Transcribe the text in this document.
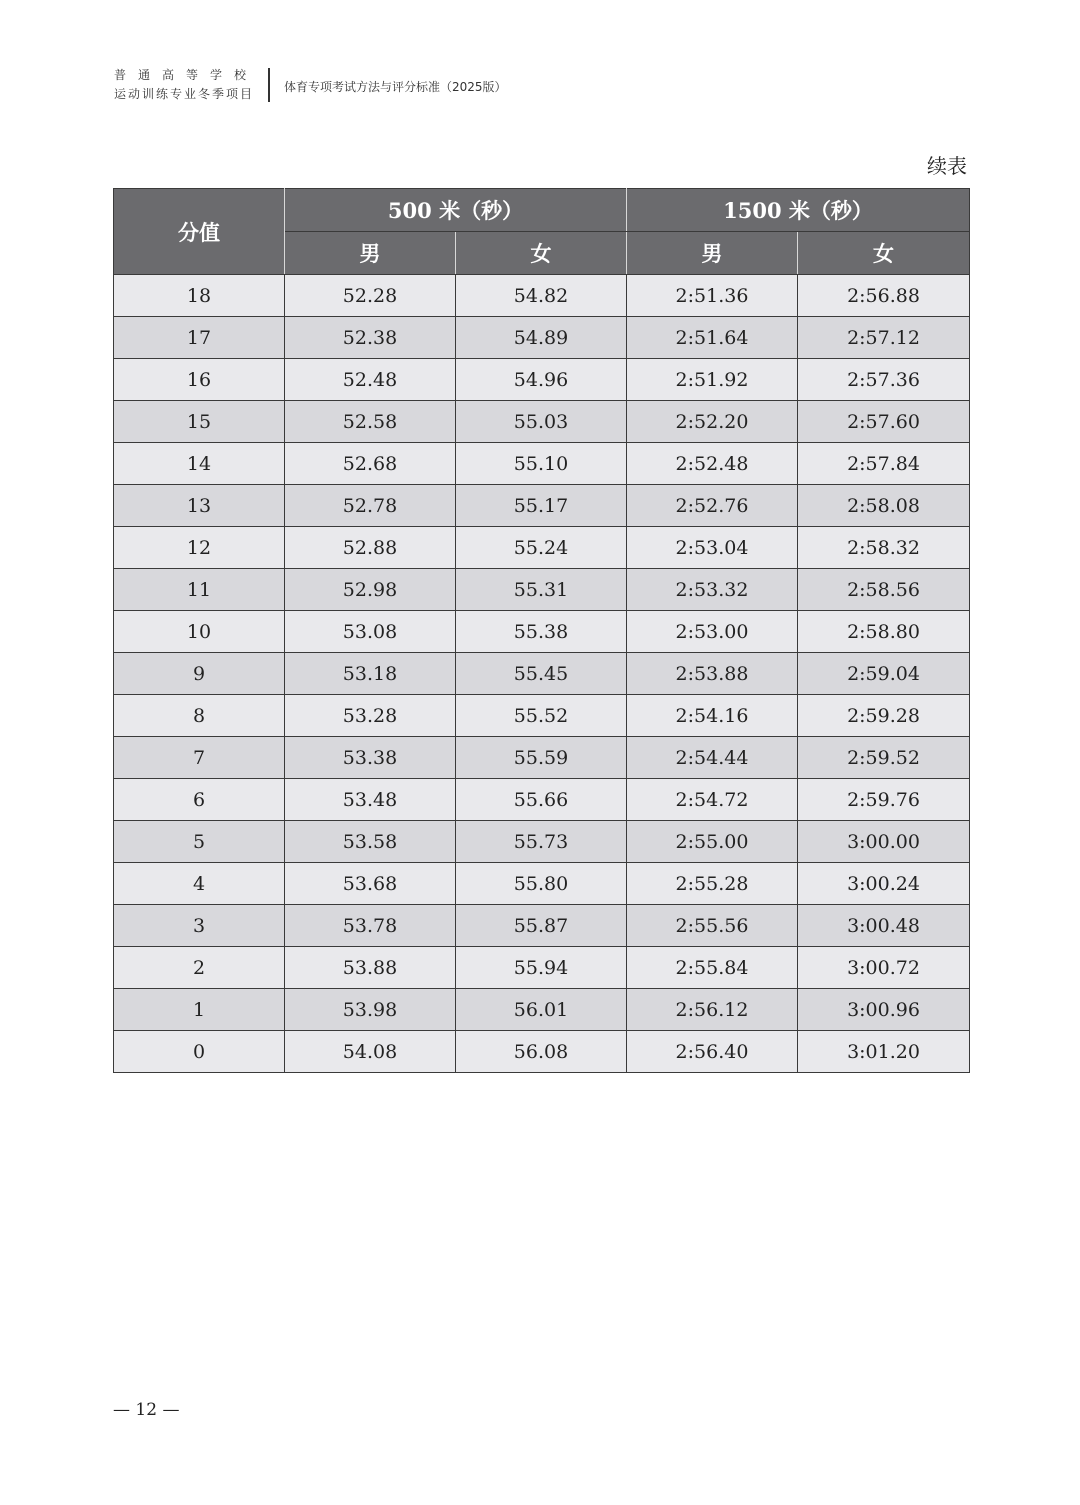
普通高等学校
运动训练专业冬季项目	体育专项考试方法与评分标准（2025版）
续表
分值	500 米（秒）		1500 米（秒）	
	男	女	男	女
18	52.28	54.82	2:51.36	2:56.88
17	52.38	54.89	2:51.64	2:57.12
16	52.48	54.96	2:51.92	2:57.36
15	52.58	55.03	2:52.20	2:57.60
14	52.68	55.10	2:52.48	2:57.84
13	52.78	55.17	2:52.76	2:58.08
12	52.88	55.24	2:53.04	2:58.32
11	52.98	55.31	2:53.32	2:58.56
10	53.08	55.38	2:53.00	2:58.80
9	53.18	55.45	2:53.88	2:59.04
8	53.28	55.52	2:54.16	2:59.28
7	53.38	55.59	2:54.44	2:59.52
6	53.48	55.66	2:54.72	2:59.76
5	53.58	55.73	2:55.00	3:00.00
4	53.68	55.80	2:55.28	3:00.24
3	53.78	55.87	2:55.56	3:00.48
2	53.88	55.94	2:55.84	3:00.72
1	53.98	56.01	2:56.12	3:00.96
0	54.08	56.08	2:56.40	3:01.20
— 12 —
